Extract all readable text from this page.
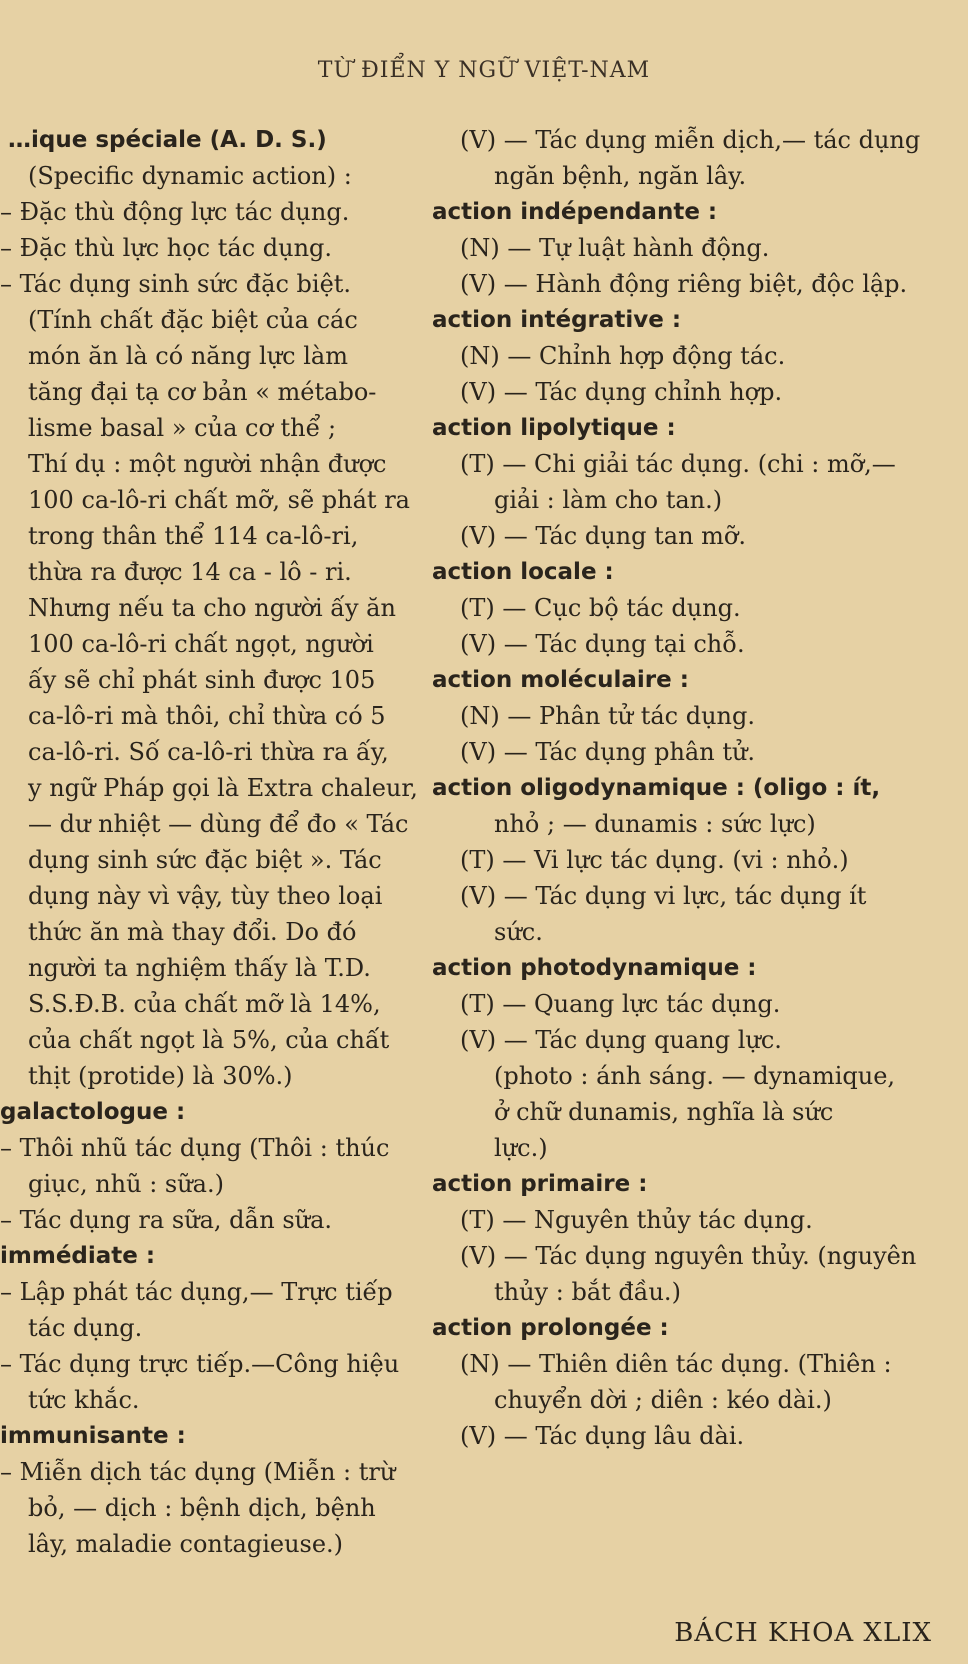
TỪ ĐIỂN Y NGỮ VIỆT-NAM
…ique spéciale (A. D. S.)
(Specific dynamic action) :
– Đặc thù động lực tác dụng.
– Đặc thù lực học tác dụng.
– Tác dụng sinh sức đặc biệt.
(Tính chất đặc biệt của các
món ăn là có năng lực làm
tăng đại tạ cơ bản « métabo-
lisme basal » của cơ thể ;
Thí dụ : một người nhận được
100 ca-lô-ri chất mỡ, sẽ phát ra
trong thân thể 114 ca-lô-ri,
thừa ra được 14 ca - lô - ri.
Nhưng nếu ta cho người ấy ăn
100 ca-lô-ri chất ngọt, người
ấy sẽ chỉ phát sinh được 105
ca-lô-ri mà thôi, chỉ thừa có 5
ca-lô-ri. Số ca-lô-ri thừa ra ấy,
y ngữ Pháp gọi là Extra chaleur,
— dư nhiệt — dùng để đo « Tác
dụng sinh sức đặc biệt ». Tác
dụng này vì vậy, tùy theo loại
thức ăn mà thay đổi. Do đó
người ta nghiệm thấy là T.D.
S.S.Đ.B. của chất mỡ là 14%,
của chất ngọt là 5%, của chất
thịt (protide) là 30%.)
galactologue :
– Thôi nhũ tác dụng (Thôi : thúc
giục, nhũ : sữa.)
– Tác dụng ra sữa, dẫn sữa.
immédiate :
– Lập phát tác dụng,— Trực tiếp
tác dụng.
– Tác dụng trực tiếp.—Công hiệu
tức khắc.
immunisante :
– Miễn dịch tác dụng (Miễn : trừ
bỏ, — dịch : bệnh dịch, bệnh
lây, maladie contagieuse.)
(V) — Tác dụng miễn dịch,— tác dụng
ngăn bệnh, ngăn lây.
action indépendante :
(N) — Tự luật hành động.
(V) — Hành động riêng biệt, độc lập.
action intégrative :
(N) — Chỉnh hợp động tác.
(V) — Tác dụng chỉnh hợp.
action lipolytique :
(T) — Chi giải tác dụng. (chi : mỡ,—
giải : làm cho tan.)
(V) — Tác dụng tan mỡ.
action locale :
(T) — Cục bộ tác dụng.
(V) — Tác dụng tại chỗ.
action moléculaire :
(N) — Phân tử tác dụng.
(V) — Tác dụng phân tử.
action oligodynamique : (oligo : ít,
nhỏ ; — dunamis : sức lực)
(T) — Vi lực tác dụng. (vi : nhỏ.)
(V) — Tác dụng vi lực, tác dụng ít
sức.
action photodynamique :
(T) — Quang lực tác dụng.
(V) — Tác dụng quang lực.
(photo : ánh sáng. — dynamique,
ở chữ dunamis, nghĩa là sức
lực.)
action primaire :
(T) — Nguyên thủy tác dụng.
(V) — Tác dụng nguyên thủy. (nguyên
thủy : bắt đầu.)
action prolongée :
(N) — Thiên diên tác dụng. (Thiên :
chuyển dời ; diên : kéo dài.)
(V) — Tác dụng lâu dài.
BÁCH KHOA XLIX
